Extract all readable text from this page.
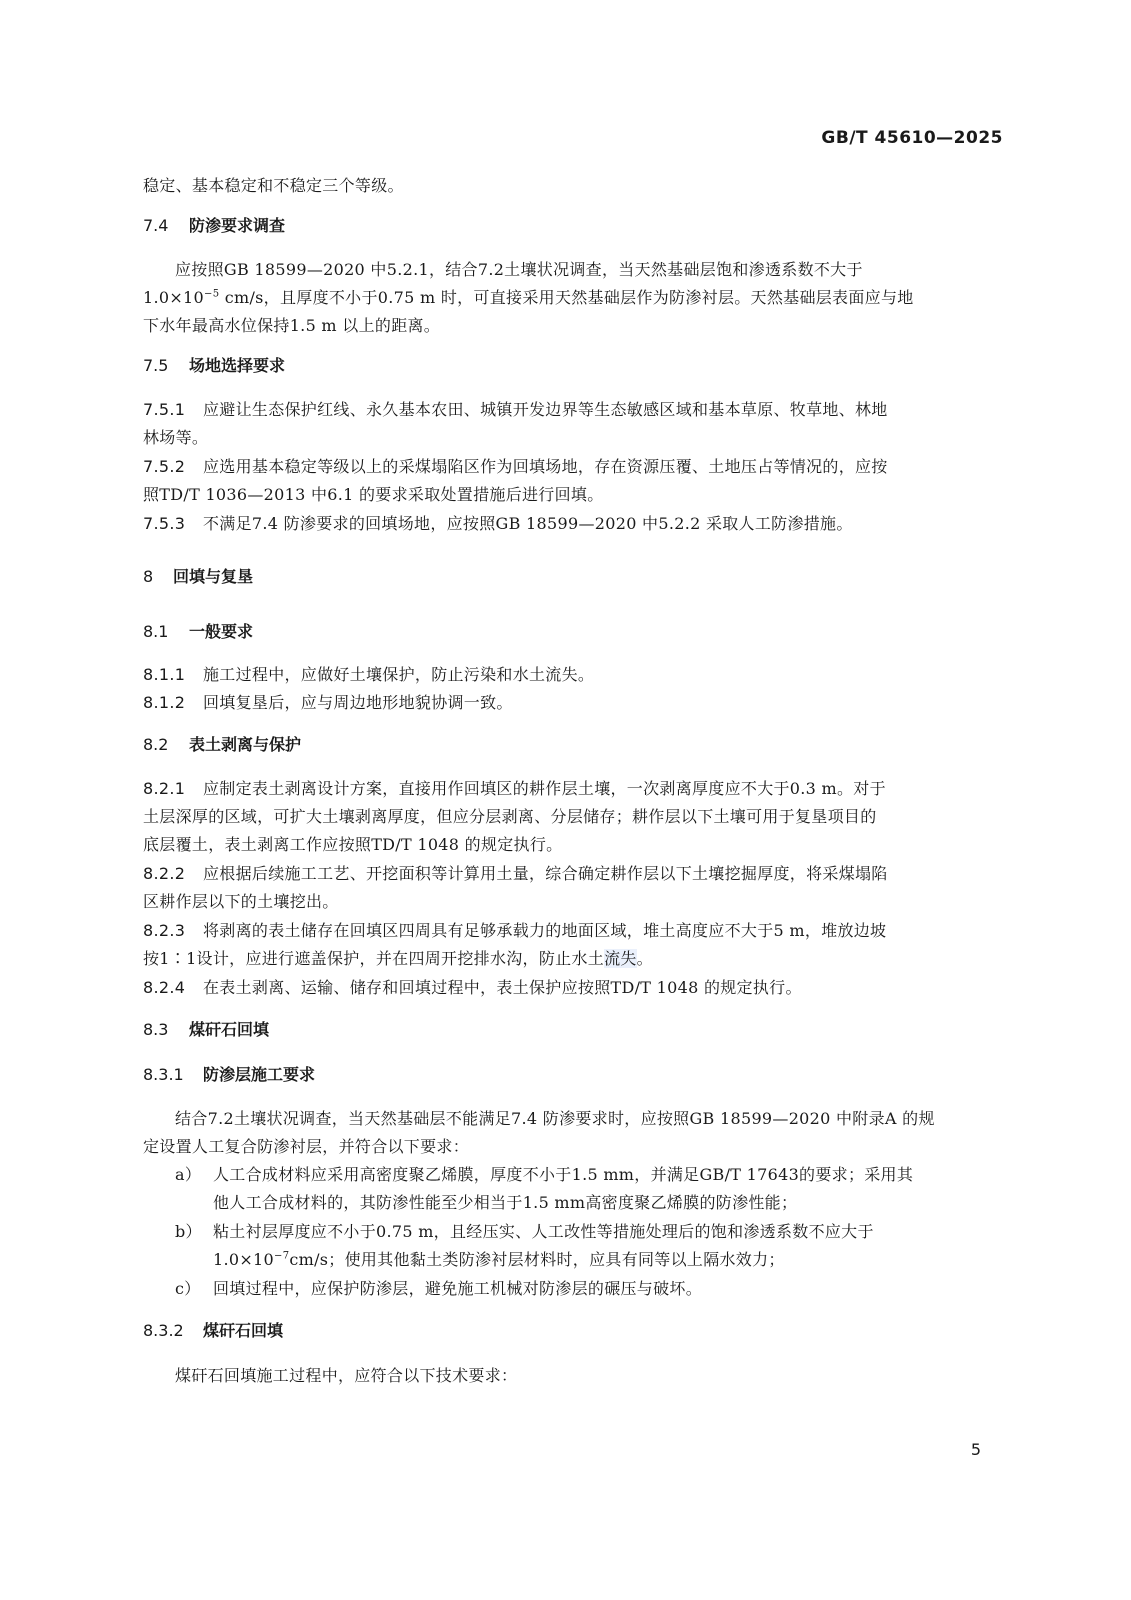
GB/T 45610—2025
稳定、基本稳定和不稳定三个等级。
7.4 防渗要求调查
应按照GB 18599—2020 中5.2.1，结合7.2土壤状况调查，当天然基础层饱和渗透系数不大于
$1.0\times 10^{-5}$ cm/s，且厚度不小于0.75 m 时，可直接采用天然基础层作为防渗衬层。天然基础层表面应与地
下水年最高水位保持1.5 m 以上的距离。
7.5 场地选择要求
7.5.1 应避让生态保护红线、永久基本农田、城镇开发边界等生态敏感区域和基本草原、牧草地、林地
林场等。
7.5.2 应选用基本稳定等级以上的采煤塌陷区作为回填场地，存在资源压覆、土地压占等情况的，应按
照TD/T 1036—2013 中6.1 的要求采取处置措施后进行回填。
7.5.3 不满足7.4 防渗要求的回填场地，应按照GB 18599—2020 中5.2.2 采取人工防渗措施。
8 回填与复垦
8.1 一般要求
8.1.1 施工过程中，应做好土壤保护，防止污染和水土流失。
8.1.2 回填复垦后，应与周边地形地貌协调一致。
8.2 表土剥离与保护
8.2.1 应制定表土剥离设计方案，直接用作回填区的耕作层土壤，一次剥离厚度应不大于0.3 m。对于
土层深厚的区域，可扩大土壤剥离厚度，但应分层剥离、分层储存；耕作层以下土壤可用于复垦项目的
底层覆土，表土剥离工作应按照TD/T 1048 的规定执行。
8.2.2 应根据后续施工工艺、开挖面积等计算用土量，综合确定耕作层以下土壤挖掘厚度，将采煤塌陷
区耕作层以下的土壤挖出。
8.2.3 将剥离的表土储存在回填区四周具有足够承载力的地面区域，堆土高度应不大于5 m，堆放边坡
按1∶1设计，应进行遮盖保护，并在四周开挖排水沟，防止水土流失。
8.2.4 在表土剥离、运输、储存和回填过程中，表土保护应按照TD/T 1048 的规定执行。
8.3 煤矸石回填
8.3.1 防渗层施工要求
结合7.2土壤状况调查，当天然基础层不能满足7.4 防渗要求时，应按照GB 18599—2020 中附录A 的规
定设置人工复合防渗衬层，并符合以下要求：
a） 人工合成材料应采用高密度聚乙烯膜，厚度不小于1.5 mm，并满足GB/T 17643的要求；采用其
他人工合成材料的，其防渗性能至少相当于1.5 mm高密度聚乙烯膜的防渗性能；
b） 粘土衬层厚度应不小于0.75 m，且经压实、人工改性等措施处理后的饱和渗透系数不应大于
$1.0\times 10^{-7}cm/s$；使用其他黏土类防渗衬层材料时，应具有同等以上隔水效力；
c） 回填过程中，应保护防渗层，避免施工机械对防渗层的碾压与破坏。
8.3.2 煤矸石回填
煤矸石回填施工过程中，应符合以下技术要求：
5
